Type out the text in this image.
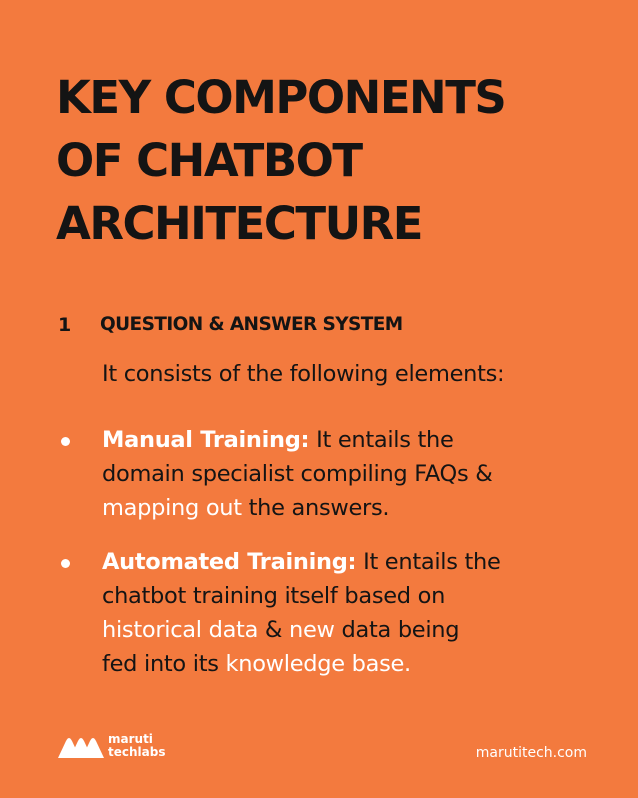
KEY COMPONENTS
OF CHATBOT
ARCHITECTURE
1 QUESTION & ANSWER SYSTEM
It consists of the following elements:
Manual Training: It entails the
domain specialist compiling FAQs &
mapping out the answers.
Automated Training: It entails the
chatbot training itself based on
historical data & new data being
fed into its knowledge base.
maruti
techlabs	marutitech.com
